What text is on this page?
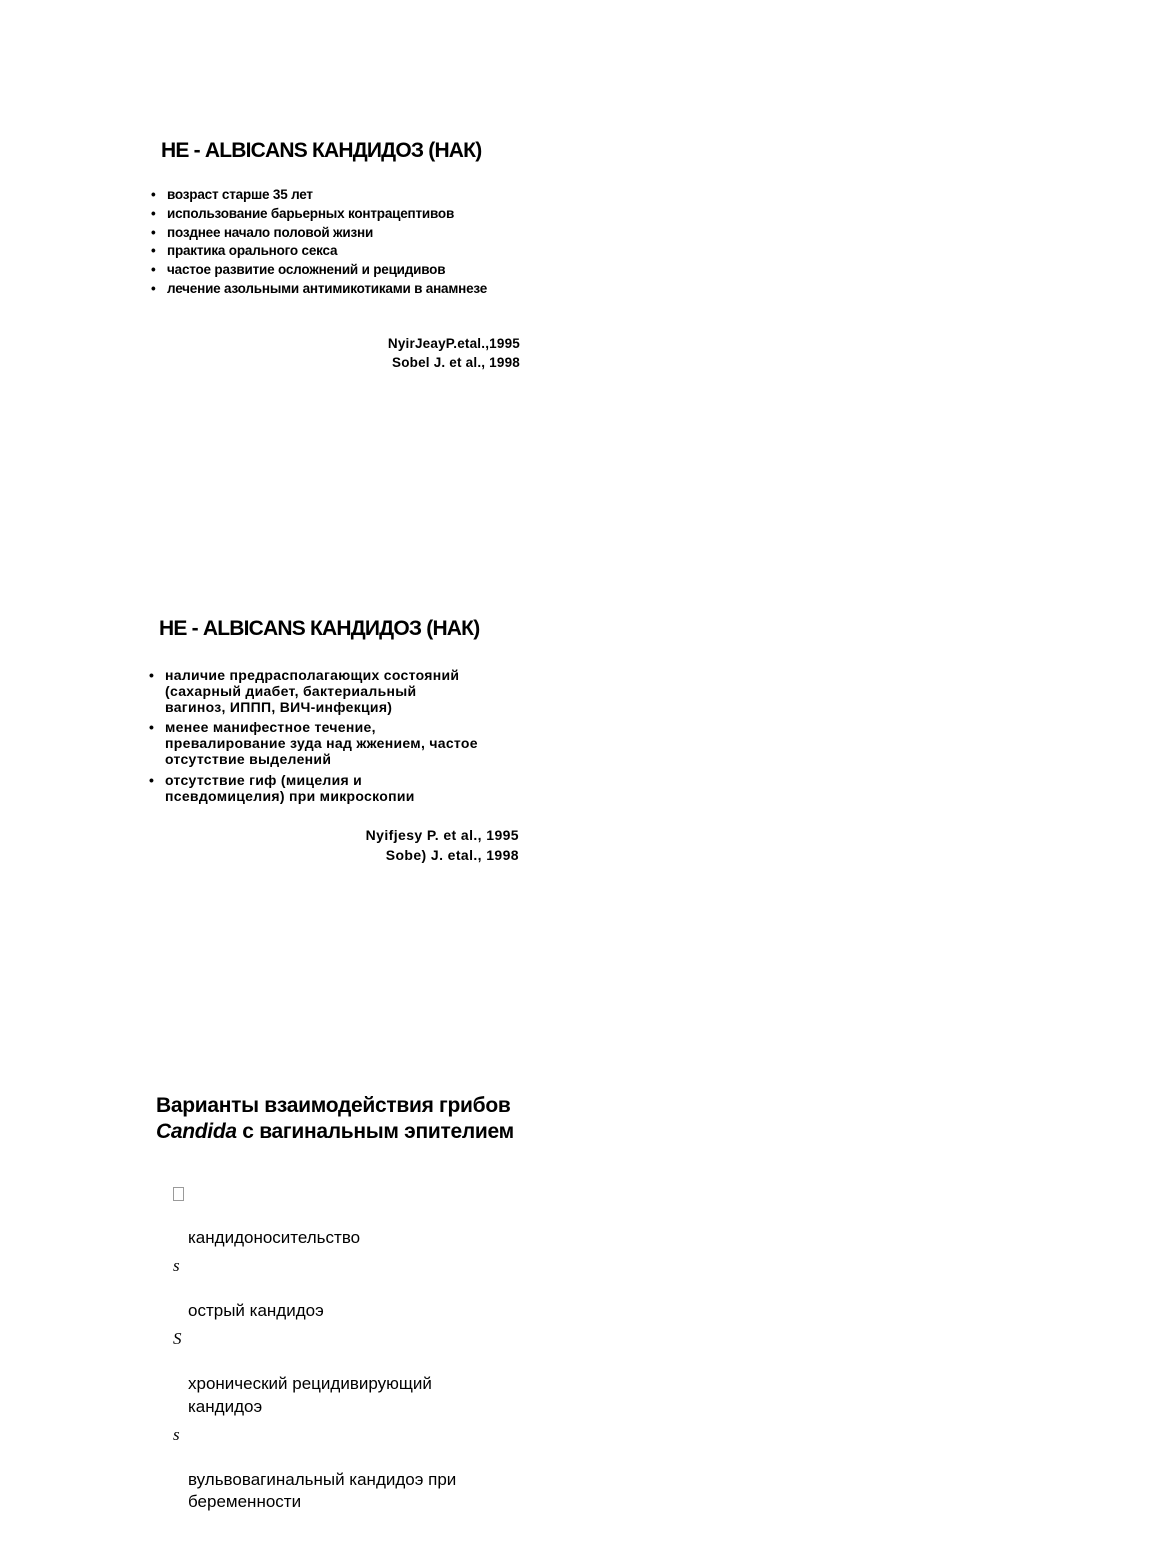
НЕ - ALBICANS КАНДИДОЗ (НАК)
• возраст старше 35 лет
• использование барьерных контрацептивов
• позднее начало половой жизни
• практика орального секса
• частое развитие осложнений и рецидивов
• лечение азольными антимикотиками в анамнезе
NyirJeayP.etal.,1995
Sobel J. et al., 1998
НЕ - ALBICANS КАНДИДОЗ (НАК)
• наличие предрасполагающих состояний
(сахарный диабет, бактериальный
вагиноз, ИППП, ВИЧ-инфекция)
• менее манифестное течение,
превалирование зуда над жжением, частое
отсутствие выделений
• отсутствие гиф (мицелия и
псевдомицелия) при микроскопии
Nyifjesy P. et al., 1995
Sobe) J. etal., 1998
Варианты взаимодействия грибов
Candida с вагинальным эпителием

кандидоносительство

s

острый кандидоэ

S

хронический рецидивирующий
кандидоэ

s

вульвовагинальный кандидоэ при
беременности
